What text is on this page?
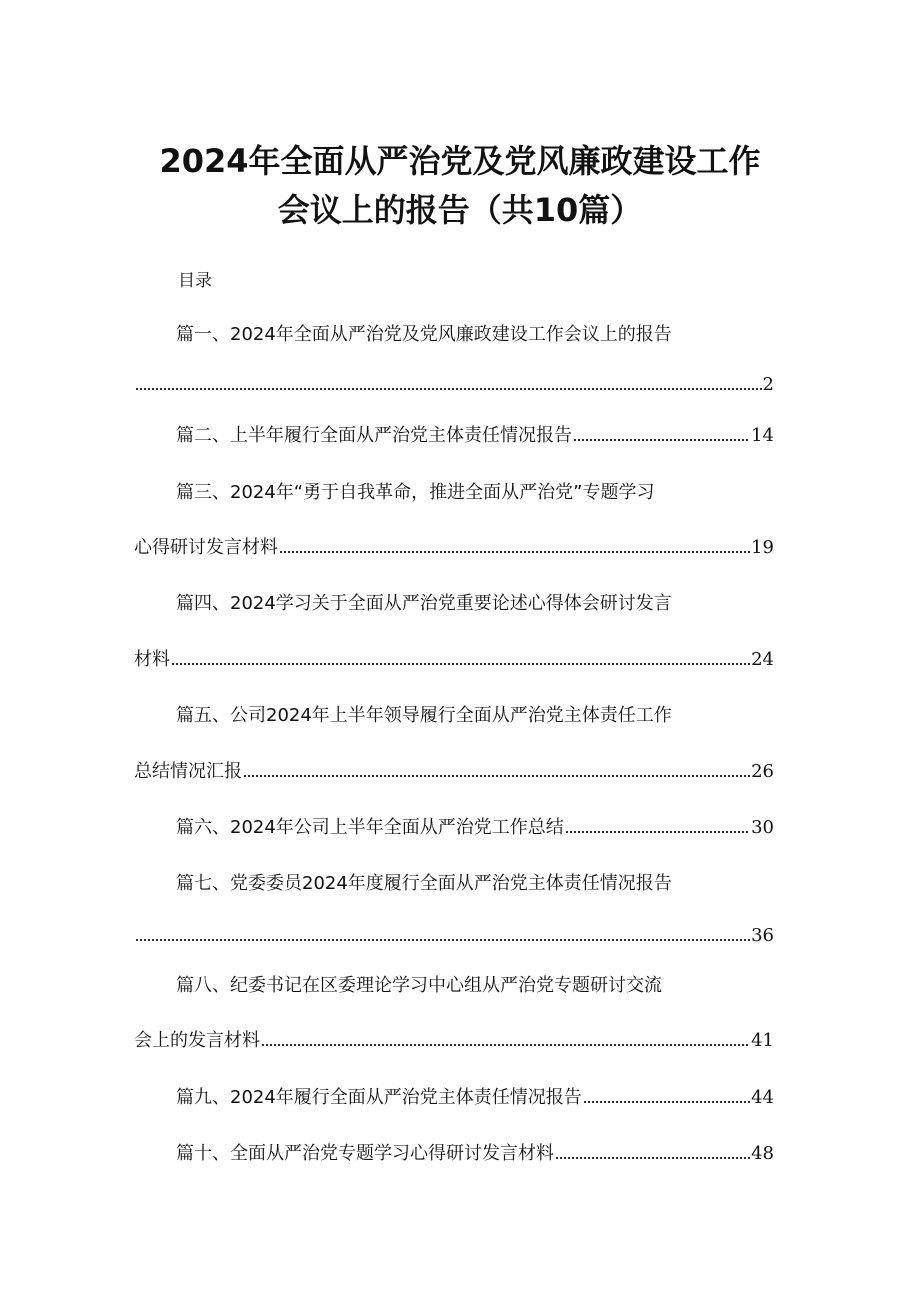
2024年全面从严治党及党风廉政建设工作
会议上的报告（共10篇）
目录
篇一、2024年全面从严治党及党风廉政建设工作会议上的报告
2
篇二、上半年履行全面从严治党主体责任情况报告	14
篇三、2024年“勇于自我革命，推进全面从严治党”专题学习
心得研讨发言材料	19
篇四、2024学习关于全面从严治党重要论述心得体会研讨发言
材料	24
篇五、公司2024年上半年领导履行全面从严治党主体责任工作
总结情况汇报	26
篇六、2024年公司上半年全面从严治党工作总结	30
篇七、党委委员2024年度履行全面从严治党主体责任情况报告
36
篇八、纪委书记在区委理论学习中心组从严治党专题研讨交流
会上的发言材料	41
篇九、2024年履行全面从严治党主体责任情况报告	44
篇十、全面从严治党专题学习心得研讨发言材料	48
